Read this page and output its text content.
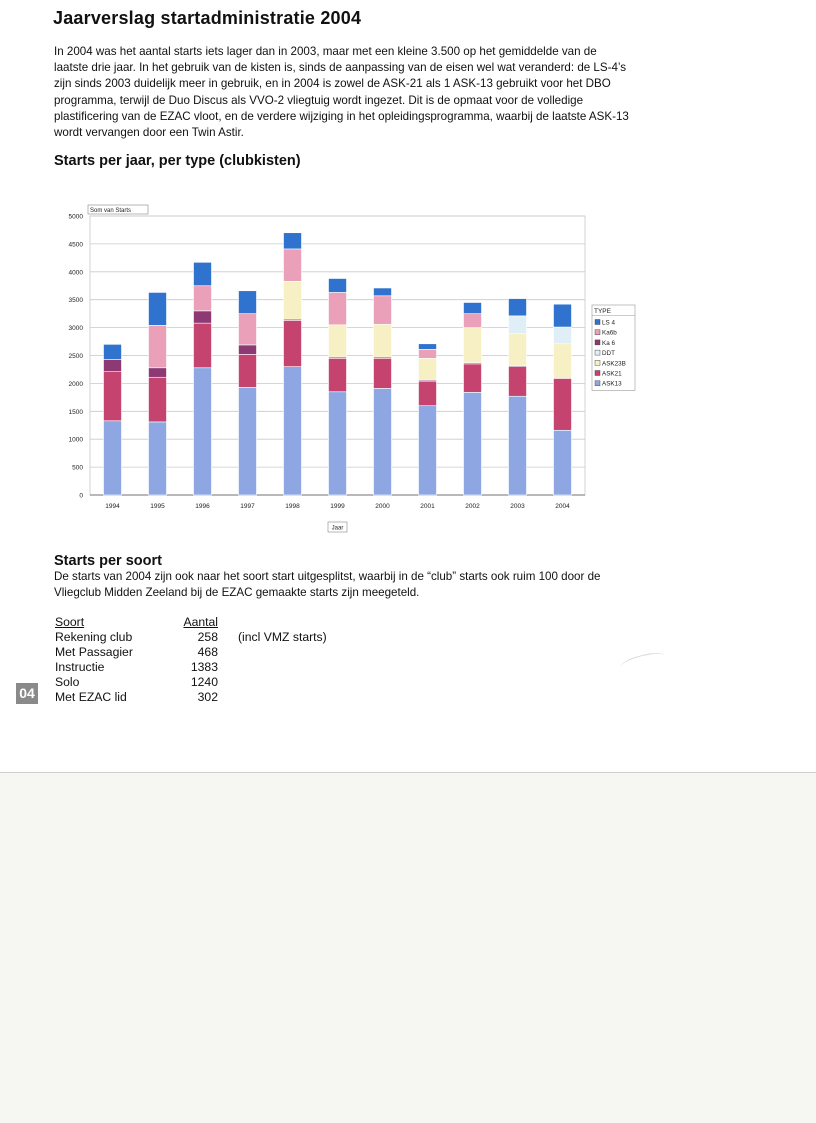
Jaarverslag startadministratie 2004

In 2004 was het aantal starts iets lager dan in 2003, maar met een kleine 3.500 op het gemiddelde van de laatste drie jaar. In het gebruik van de kisten is, sinds de aanpassing van de eisen wel wat veranderd: de LS-4’s zijn sinds 2003 duidelijk meer in gebruik, en in 2004 is zowel de ASK-21 als 1 ASK-13 gebruikt voor het DBO programma, terwijl de Duo Discus als VVO-2 vliegtuig wordt ingezet. Dit is de opmaat voor de volledige plastificering van de EZAC vloot, en de verdere wijziging in het opleidingsprogramma, waarbij de laatste ASK-13 wordt vervangen door een Twin Astir.

Starts per jaar, per type (clubkisten)
0
500
1000
1500
2000
2500
3000
3500
4000
4500
5000
Som van Starts
1994	1995	1996	1997	1998	1999	2000	2001	2002	2003	2004
Jaar
TYPE
LS 4
Ka6b
Ka 6
DDT
ASK23B
ASK21
ASK13
Starts per soort

De starts van 2004 zijn ook naar het soort start uitgesplitst, waarbij in de “club” starts ook ruim 100 door de Vliegclub Midden Zeeland bij de EZAC gemaakte starts zijn meegeteld.

Soort	Aantal	
Rekening club	258	(incl VMZ starts)
Met Passagier	468	
Instructie	1383	
Solo	1240	
Met EZAC lid	302	
04
